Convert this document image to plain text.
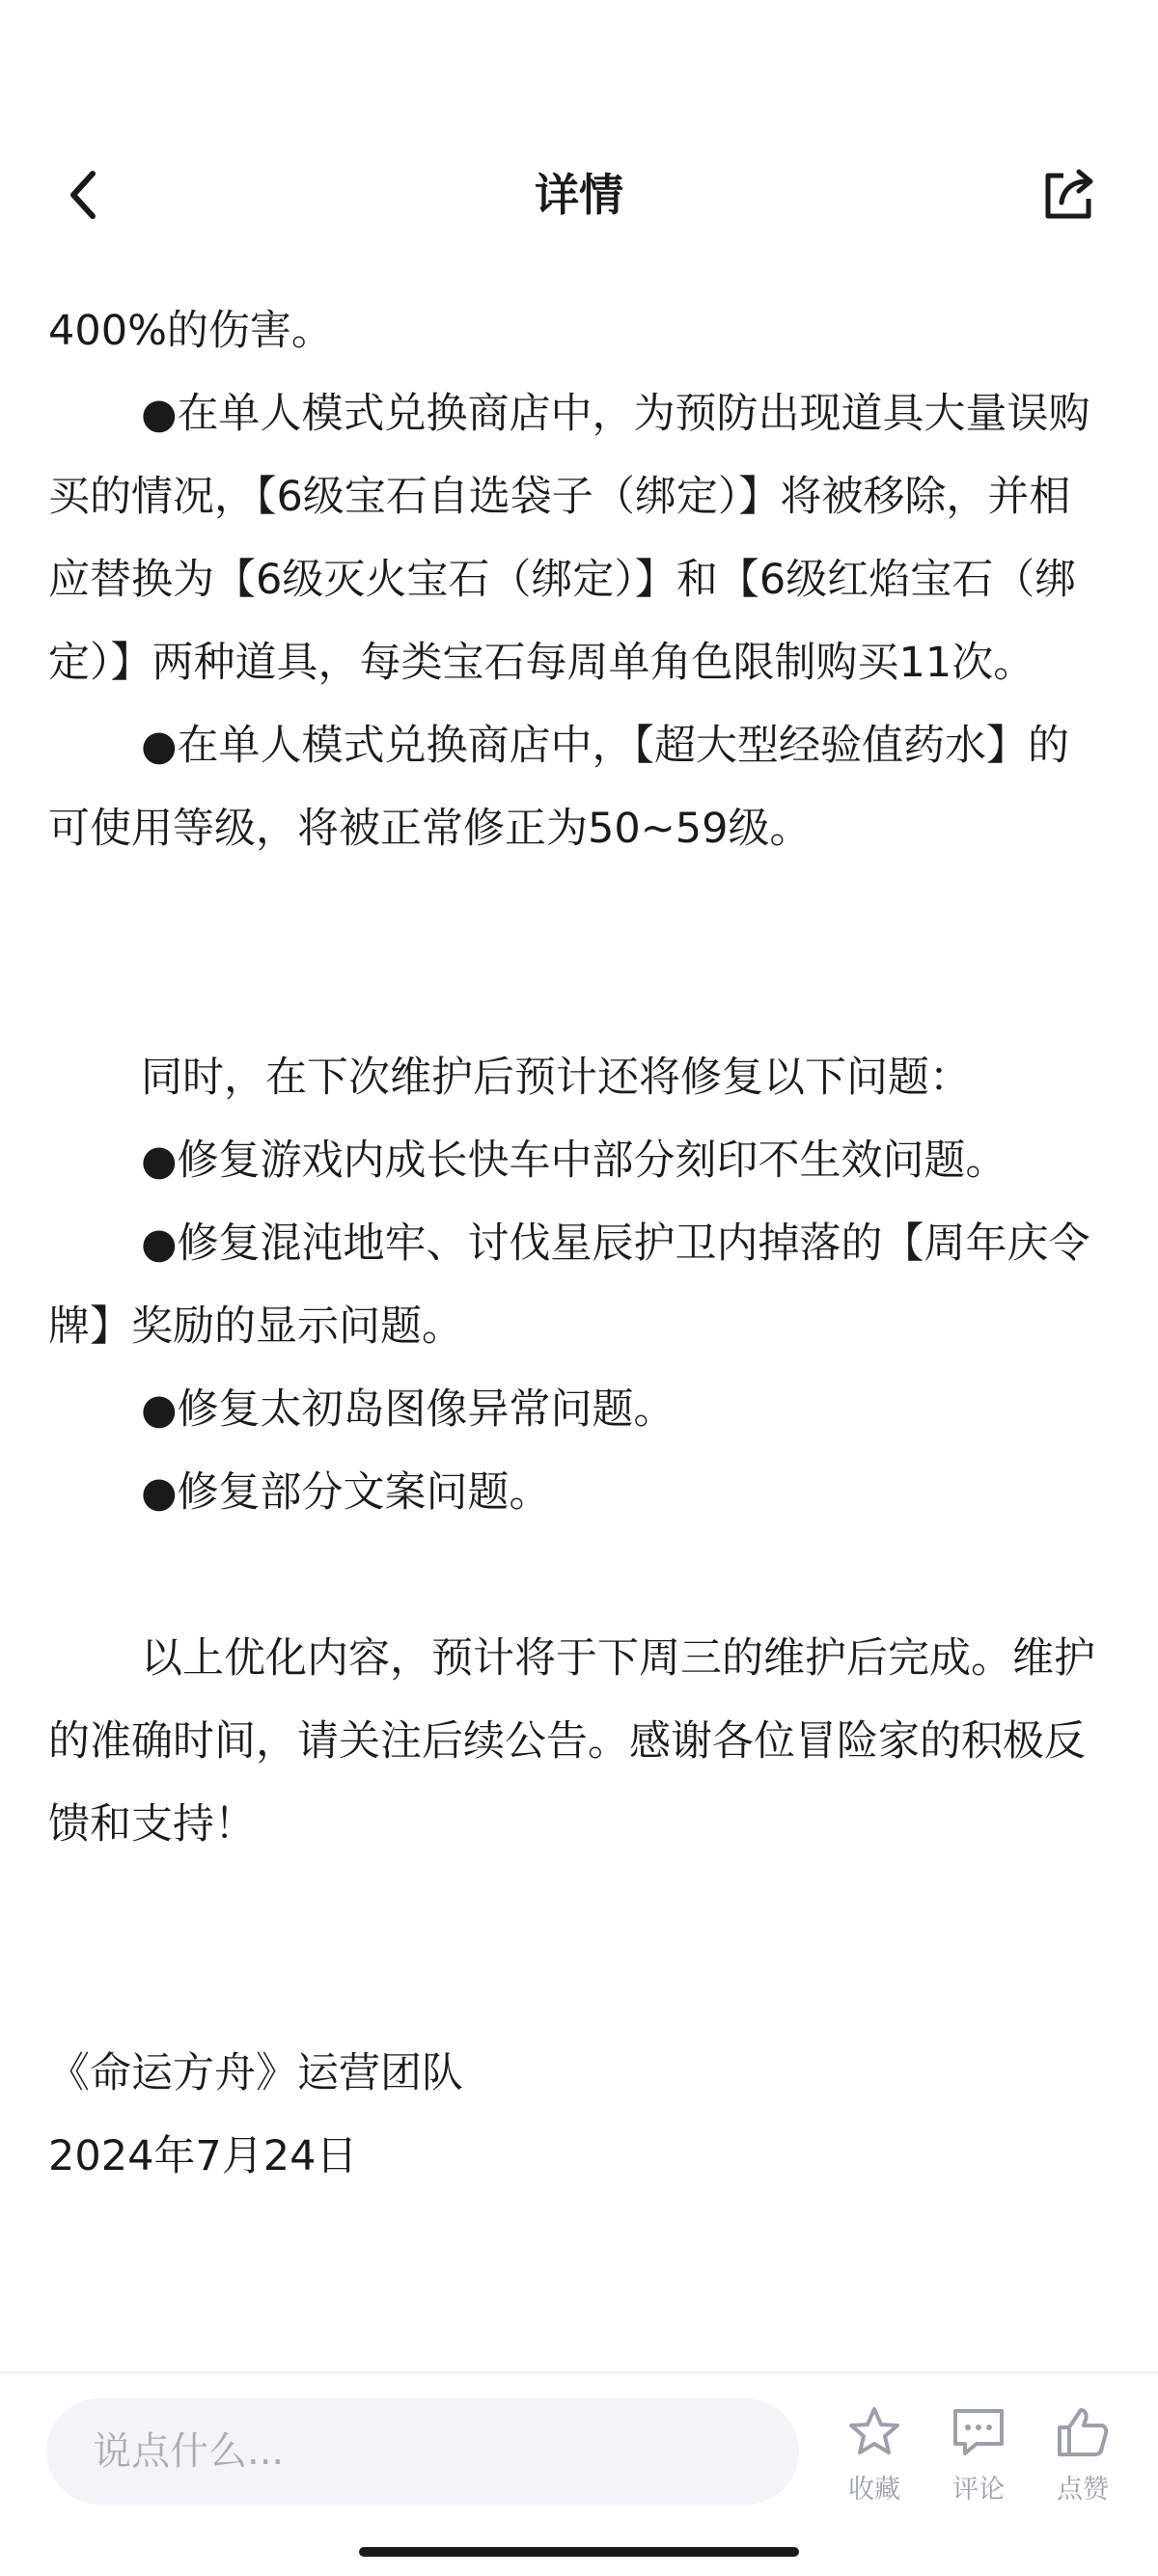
详情

400%的伤害。

●在单人模式兑换商店中，为预防出现道具大量误购买的情况，【6级宝石自选袋子（绑定）】将被移除，并相应替换为【6级灭火宝石（绑定）】和【6级红焰宝石（绑定）】两种道具，每类宝石每周单角色限制购买11次。

●在单人模式兑换商店中，【超大型经验值药水】的可使用等级，将被正常修正为50~59级。

同时，在下次维护后预计还将修复以下问题：

●修复游戏内成长快车中部分刻印不生效问题。

●修复混沌地牢、讨伐星辰护卫内掉落的【周年庆令牌】奖励的显示问题。

●修复太初岛图像异常问题。

●修复部分文案问题。

以上优化内容，预计将于下周三的维护后完成。维护的准确时间，请关注后续公告。感谢各位冒险家的积极反馈和支持！

《命运方舟》运营团队

2024年7月24日

说点什么...
收藏	评论	点赞
